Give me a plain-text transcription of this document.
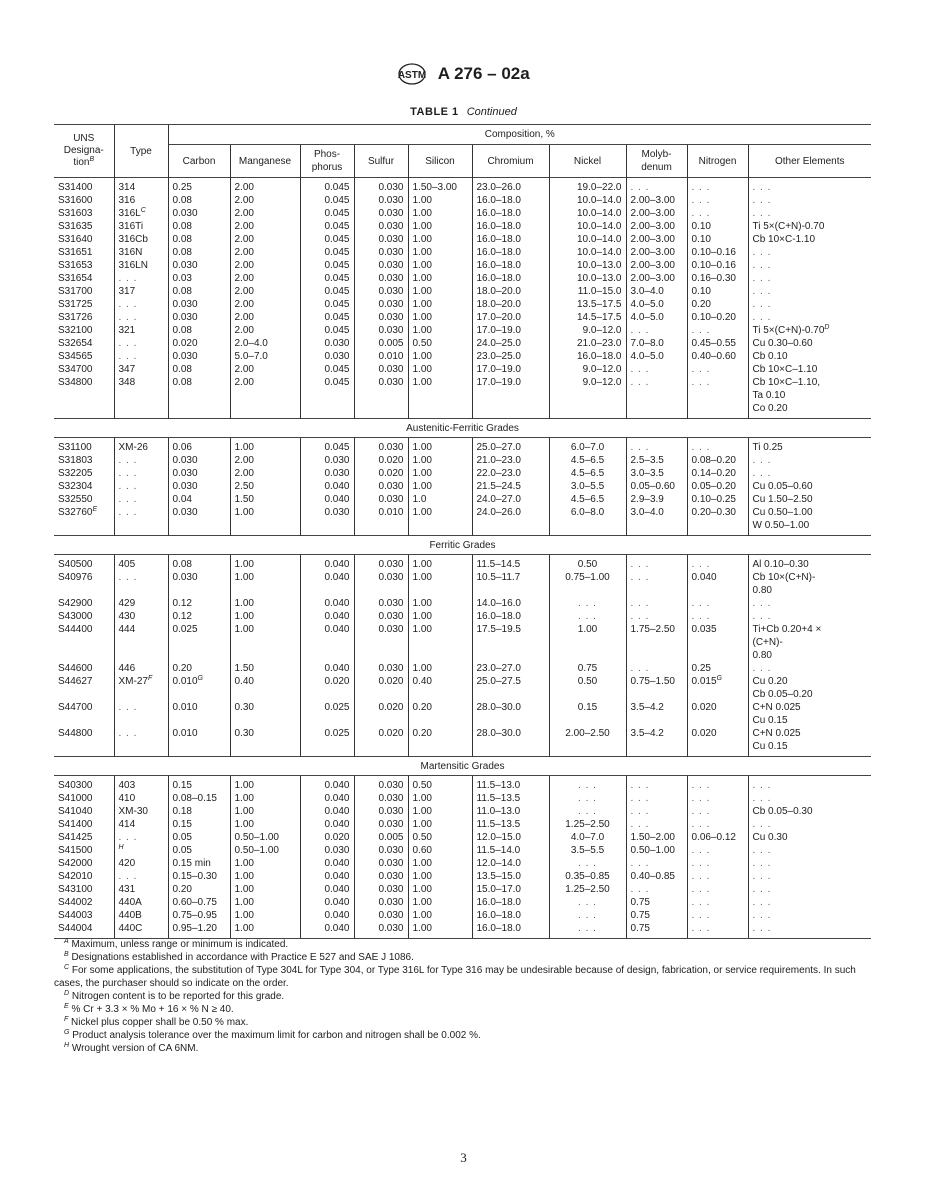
ASTM A 276 – 02a
TABLE 1 Continued
UNS
Designa-
tion$^B$	Type	Composition, %									
		Carbon	Manganese	Phos-
phorus	Sulfur	Silicon	Chromium	Nickel	Molyb-
denum	Nitrogen	Other Elements
S31400	314	0.25	2.00	0.045	0.030	1.50–3.00	23.0–26.0	19.0–22.0	. . .	. . .	. . .
S31600	316	0.08	2.00	0.045	0.030	1.00	16.0–18.0	10.0–14.0	2.00–3.00	. . .	. . .
S31603	$316L^C$	0.030	2.00	0.045	0.030	1.00	16.0–18.0	10.0–14.0	2.00–3.00	. . .	. . .
S31635	316Ti	0.08	2.00	0.045	0.030	1.00	16.0–18.0	10.0–14.0	2.00–3.00	0.10	Ti 5×(C+N)-0.70
S31640	316Cb	0.08	2.00	0.045	0.030	1.00	16.0–18.0	10.0–14.0	2.00–3.00	0.10	Cb 10×C-1.10
S31651	316N	0.08	2.00	0.045	0.030	1.00	16.0–18.0	10.0–14.0	2.00–3.00	0.10–0.16	. . .
S31653	316LN	0.030	2.00	0.045	0.030	1.00	16.0–18.0	10.0–13.0	2.00–3.00	0.10–0.16	. . .
S31654	. . .	0.03	2.00	0.045	0.030	1.00	16.0–18.0	10.0–13.0	2.00–3.00	0.16–0.30	. . .
S31700	317	0.08	2.00	0.045	0.030	1.00	18.0–20.0	11.0–15.0	3.0–4.0	0.10	. . .
S31725	. . .	0.030	2.00	0.045	0.030	1.00	18.0–20.0	13.5–17.5	4.0–5.0	0.20	. . .
S31726	. . .	0.030	2.00	0.045	0.030	1.00	17.0–20.0	14.5–17.5	4.0–5.0	0.10–0.20	. . .
S32100	321	0.08	2.00	0.045	0.030	1.00	17.0–19.0	9.0–12.0	. . .	. . .	Ti $5\times(C+N)-0.70^D$
S32654	. . .	0.020	2.0–4.0	0.030	0.005	0.50	24.0–25.0	21.0–23.0	7.0–8.0	0.45–0.55	Cu 0.30–0.60
S34565	. . .	0.030	5.0–7.0	0.030	0.010	1.00	23.0–25.0	16.0–18.0	4.0–5.0	0.40–0.60	Cb 0.10
S34700	347	0.08	2.00	0.045	0.030	1.00	17.0–19.0	9.0–12.0	. . .	. . .	Cb 10×C–1.10
S34800	348	0.08	2.00	0.045	0.030	1.00	17.0–19.0	9.0–12.0	. . .	. . .	Cb 10×C–1.10,
Ta 0.10
Co 0.20
Austenitic-Ferritic Grades											
S31100	XM-26	0.06	1.00	0.045	0.030	1.00	25.0–27.0	6.0–7.0	. . .	. . .	Ti 0.25
S31803	. . .	0.030	2.00	0.030	0.020	1.00	21.0–23.0	4.5–6.5	2.5–3.5	0.08–0.20	. . .
S32205	. . .	0.030	2.00	0.030	0.020	1.00	22.0–23.0	4.5–6.5	3.0–3.5	0.14–0.20	. . .
S32304	. . .	0.030	2.50	0.040	0.030	1.00	21.5–24.5	3.0–5.5	0.05–0.60	0.05–0.20	Cu 0.05–0.60
S32550	. . .	0.04	1.50	0.040	0.030	1.0	24.0–27.0	4.5–6.5	2.9–3.9	0.10–0.25	Cu 1.50–2.50
$S32760^E$	. . .	0.030	1.00	0.030	0.010	1.00	24.0–26.0	6.0–8.0	3.0–4.0	0.20–0.30	Cu 0.50–1.00
W 0.50–1.00
Ferritic Grades											
S40500	405	0.08	1.00	0.040	0.030	1.00	11.5–14.5	0.50	. . .	. . .	Al 0.10–0.30
S40976	. . .	0.030	1.00	0.040	0.030	1.00	10.5–11.7	0.75–1.00	. . .	0.040	Cb 10×(C+N)-
0.80
S42900	429	0.12	1.00	0.040	0.030	1.00	14.0–16.0	. . .	. . .	. . .	. . .
S43000	430	0.12	1.00	0.040	0.030	1.00	16.0–18.0	. . .	. . .	. . .	. . .
S44400	444	0.025	1.00	0.040	0.030	1.00	17.5–19.5	1.00	1.75–2.50	0.035	Ti+Cb 0.20+4 ×
(C+N)-
0.80
S44600	446	0.20	1.50	0.040	0.030	1.00	23.0–27.0	0.75	. . .	0.25	. . .
S44627	$XM-27^F$	$0.010^G$	0.40	0.020	0.020	0.40	25.0–27.5	0.50	0.75–1.50	$0.015^G$	Cu 0.20
Cb 0.05–0.20
S44700	. . .	0.010	0.30	0.025	0.020	0.20	28.0–30.0	0.15	3.5–4.2	0.020	C+N 0.025
Cu 0.15
S44800	. . .	0.010	0.30	0.025	0.020	0.20	28.0–30.0	2.00–2.50	3.5–4.2	0.020	C+N 0.025
Cu 0.15
Martensitic Grades											
S40300	403	0.15	1.00	0.040	0.030	0.50	11.5–13.0	. . .	. . .	. . .	. . .
S41000	410	0.08–0.15	1.00	0.040	0.030	1.00	11.5–13.5	. . .	. . .	. . .	. . .
S41040	XM-30	0.18	1.00	0.040	0.030	1.00	11.0–13.0	. . .	. . .	. . .	Cb 0.05–0.30
S41400	414	0.15	1.00	0.040	0.030	1.00	11.5–13.5	1.25–2.50	. . .	. . .	. . .
S41425	. . .	0.05	0.50–1.00	0.020	0.005	0.50	12.0–15.0	4.0–7.0	1.50–2.00	0.06–0.12	Cu 0.30
S41500	$^H$	0.05	0.50–1.00	0.030	0.030	0.60	11.5–14.0	3.5–5.5	0.50–1.00	. . .	. . .
S42000	420	0.15 min	1.00	0.040	0.030	1.00	12.0–14.0	. . .	. . .	. . .	. . .
S42010	. . .	0.15–0.30	1.00	0.040	0.030	1.00	13.5–15.0	0.35–0.85	0.40–0.85	. . .	. . .
S43100	431	0.20	1.00	0.040	0.030	1.00	15.0–17.0	1.25–2.50	. . .	. . .	. . .
S44002	440A	0.60–0.75	1.00	0.040	0.030	1.00	16.0–18.0	. . .	0.75	. . .	. . .
S44003	440B	0.75–0.95	1.00	0.040	0.030	1.00	16.0–18.0	. . .	0.75	. . .	. . .
S44004	440C	0.95–1.20	1.00	0.040	0.030	1.00	16.0–18.0	. . .	0.75	. . .	. . .

$^A$ Maximum, unless range or minimum is indicated.

$^B$ Designations established in accordance with Practice E 527 and SAE J 1086.

$^C$ For some applications, the substitution of Type 304L for Type 304, or Type 316L for Type 316 may be undesirable because of design, fabrication, or service requirements. In such cases, the purchaser should so indicate on the order.

$^D$ Nitrogen content is to be reported for this grade.

$^E$ % Cr + 3.3 × % Mo + 16 × % N ≥ 40.

$^F$ Nickel plus copper shall be 0.50 % max.

$^G$ Product analysis tolerance over the maximum limit for carbon and nitrogen shall be 0.002 %.

$^H$ Wrought version of CA 6NM.

3
